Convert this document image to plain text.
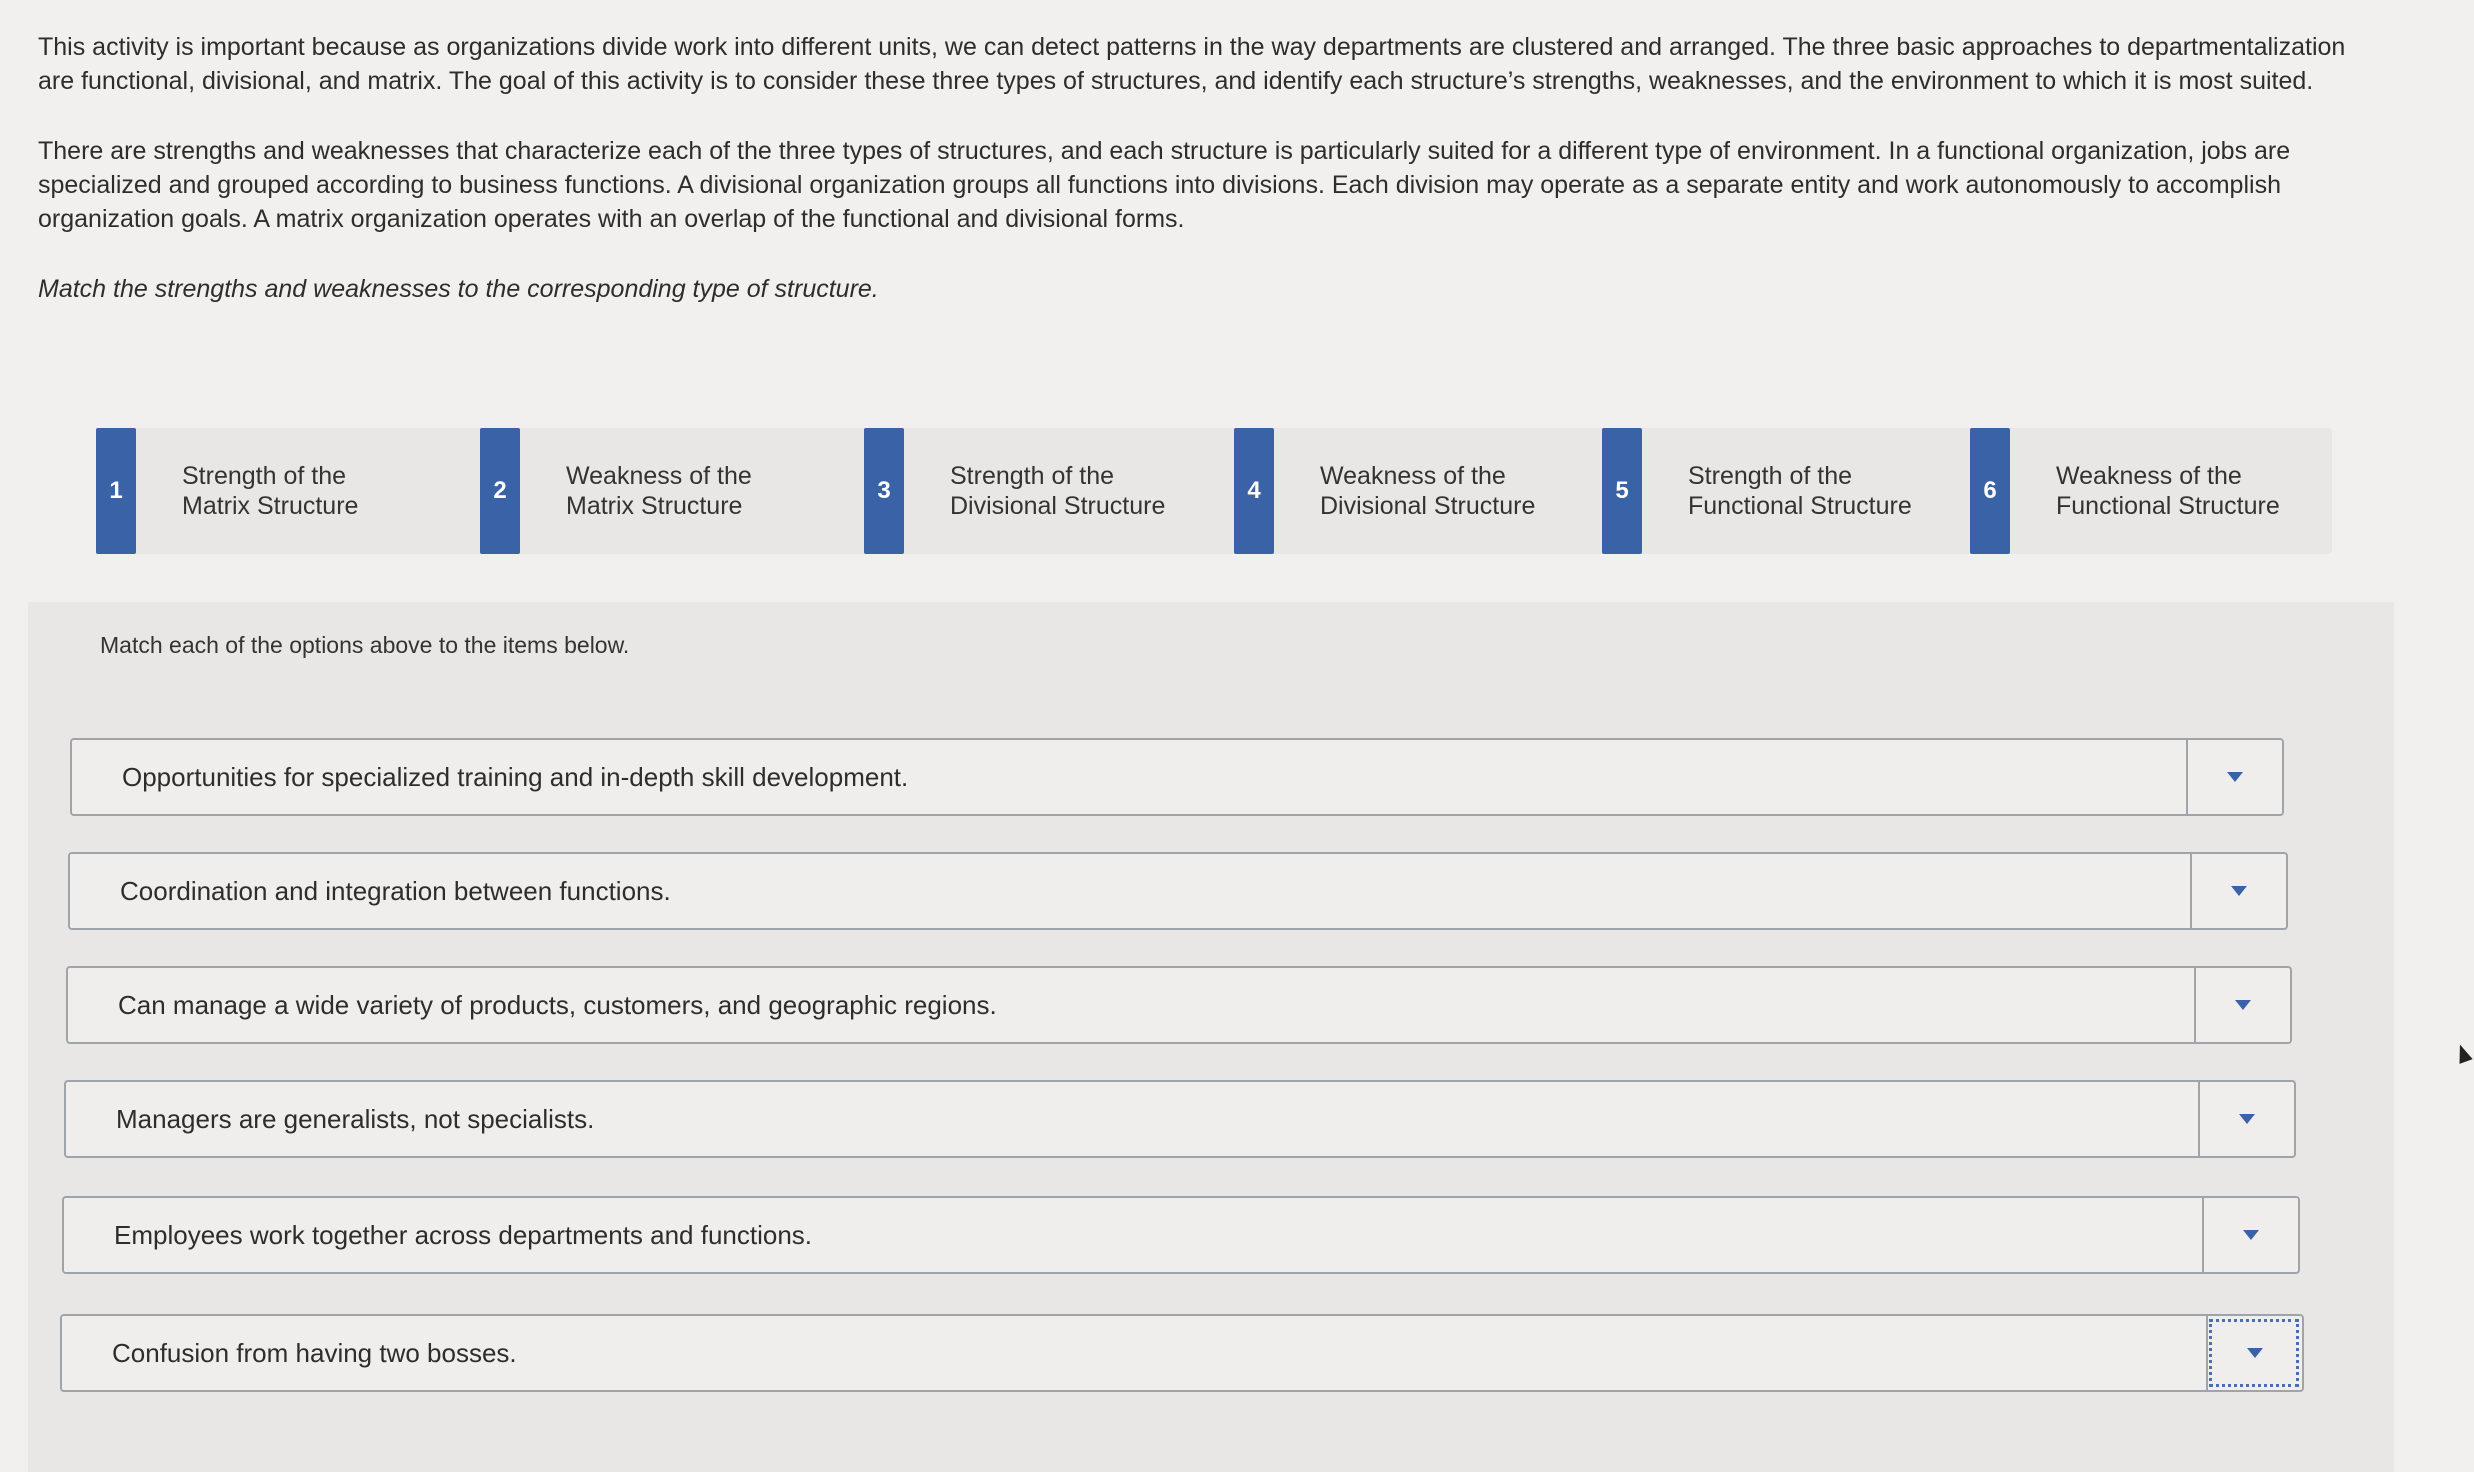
This activity is important because as organizations divide work into different units, we can detect patterns in the way departments are clustered and arranged. The three basic approaches to departmentalization are functional, divisional, and matrix. The goal of this activity is to consider these three types of structures, and identify each structure’s strengths, weaknesses, and the environment to which it is most suited.

There are strengths and weaknesses that characterize each of the three types of structures, and each structure is particularly suited for a different type of environment. In a functional organization, jobs are specialized and grouped according to business functions. A divisional organization groups all functions into divisions. Each division may operate as a separate entity and work autonomously to accomplish organization goals. A matrix organization operates with an overlap of the functional and divisional forms.

Match the strengths and weaknesses to the corresponding type of structure.

1
Strength of the Matrix Structure
2
Weakness of the Matrix Structure
3
Strength of the Divisional Structure
4
Weakness of the Divisional Structure
5
Strength of the Functional Structure
6
Weakness of the Functional Structure
Match each of the options above to the items below.
Opportunities for specialized training and in-depth skill development.
Coordination and integration between functions.
Can manage a wide variety of products, customers, and geographic regions.
Managers are generalists, not specialists.
Employees work together across departments and functions.
Confusion from having two bosses.
